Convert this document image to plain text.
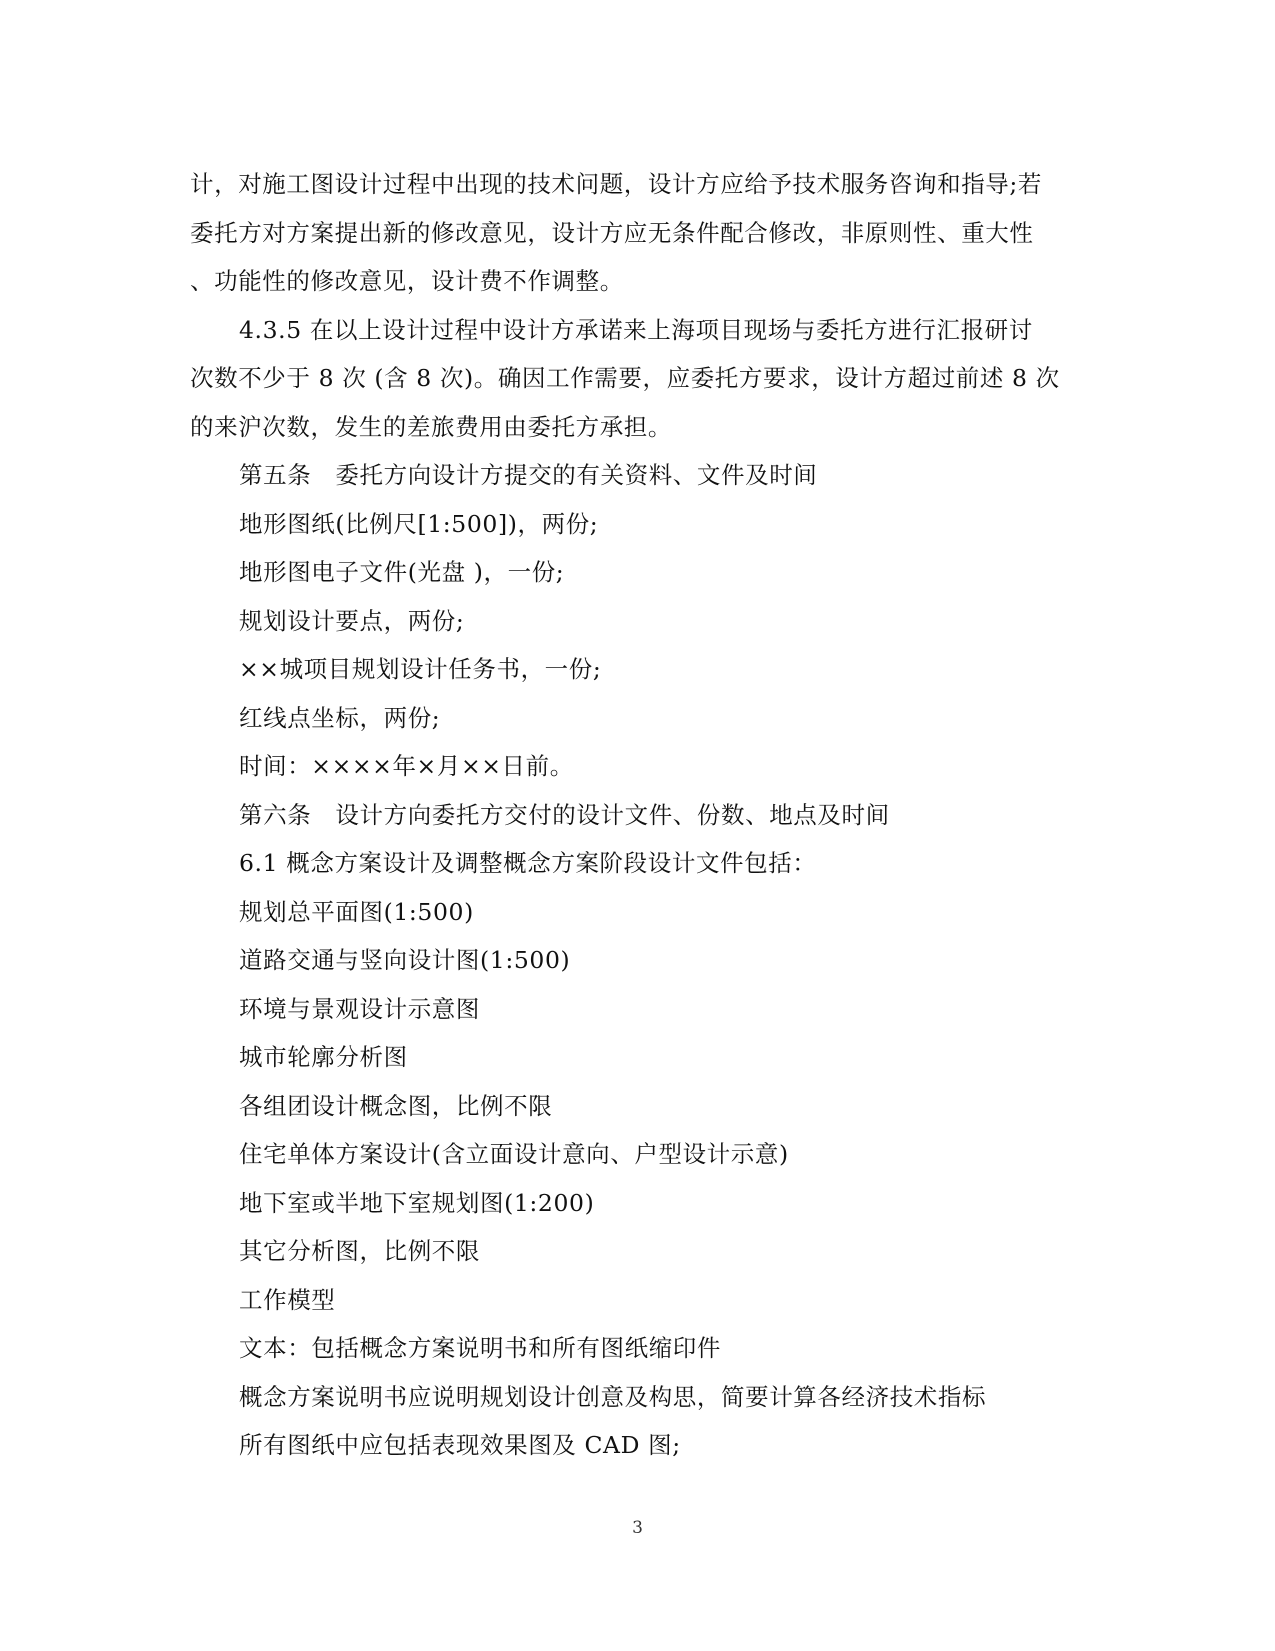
计，对施工图设计过程中出现的技术问题，设计方应给予技术服务咨询和指导;若
委托方对方案提出新的修改意见，设计方应无条件配合修改，非原则性、重大性
、功能性的修改意见，设计费不作调整。
4.3.5 在以上设计过程中设计方承诺来上海项目现场与委托方进行汇报研讨
次数不少于 8 次 (含 8 次)。确因工作需要，应委托方要求，设计方超过前述 8 次
的来沪次数，发生的差旅费用由委托方承担。
第五条　委托方向设计方提交的有关资料、文件及时间
地形图纸(比例尺[1:500])，两份;
地形图电子文件(光盘 )，一份;
规划设计要点，两份;
××城项目规划设计任务书，一份;
红线点坐标，两份;
时间：××××年×月××日前。
第六条　设计方向委托方交付的设计文件、份数、地点及时间
6.1 概念方案设计及调整概念方案阶段设计文件包括：
规划总平面图(1:500)
道路交通与竖向设计图(1:500)
环境与景观设计示意图
城市轮廓分析图
各组团设计概念图，比例不限
住宅单体方案设计(含立面设计意向、户型设计示意)
地下室或半地下室规划图(1:200)
其它分析图，比例不限
工作模型
文本：包括概念方案说明书和所有图纸缩印件
概念方案说明书应说明规划设计创意及构思，简要计算各经济技术指标
所有图纸中应包括表现效果图及 CAD 图;
3
